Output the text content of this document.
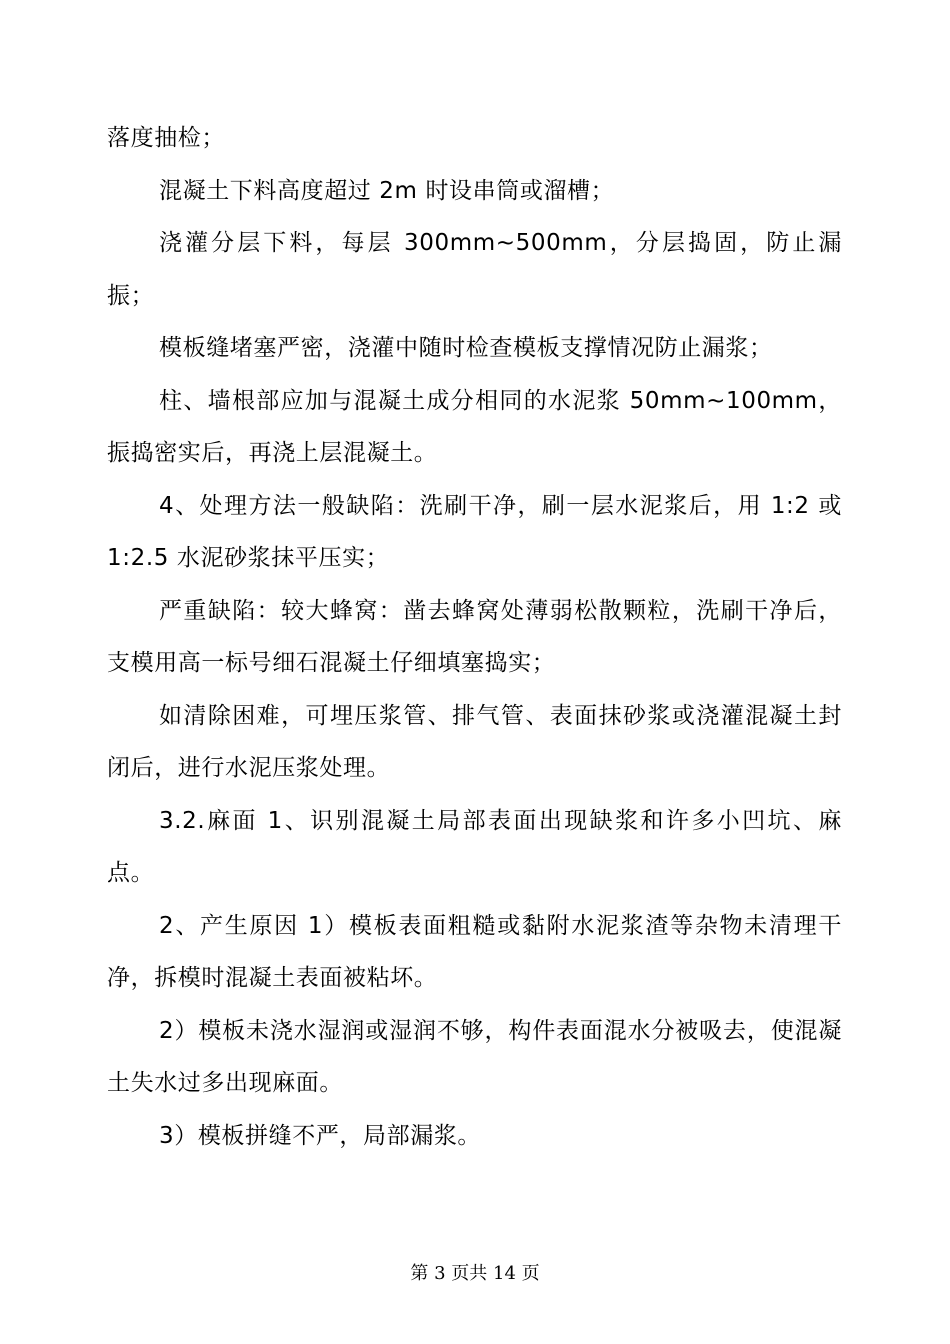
落度抽检；

混凝土下料高度超过 2m 时设串筒或溜槽；

浇灌分层下料，每层 300mm~500mm，分层捣固，防止漏振；

模板缝堵塞严密，浇灌中随时检查模板支撑情况防止漏浆；

柱、墙根部应加与混凝土成分相同的水泥浆 50mm~100mm，振捣密实后，再浇上层混凝土。

4、处理方法一般缺陷：洗刷干净，刷一层水泥浆后，用 1:2 或 1:2.5 水泥砂浆抹平压实；

严重缺陷：较大蜂窝：凿去蜂窝处薄弱松散颗粒，洗刷干净后，支模用高一标号细石混凝土仔细填塞捣实；

如清除困难，可埋压浆管、排气管、表面抹砂浆或浇灌混凝土封闭后，进行水泥压浆处理。

3.2.麻面 1、识别混凝土局部表面出现缺浆和许多小凹坑、麻点。

2、产生原因 1）模板表面粗糙或黏附水泥浆渣等杂物未清理干净，拆模时混凝土表面被粘坏。

2）模板未浇水湿润或湿润不够，构件表面混水分被吸去，使混凝土失水过多出现麻面。

3）模板拼缝不严，局部漏浆。

第 3 页共 14 页
